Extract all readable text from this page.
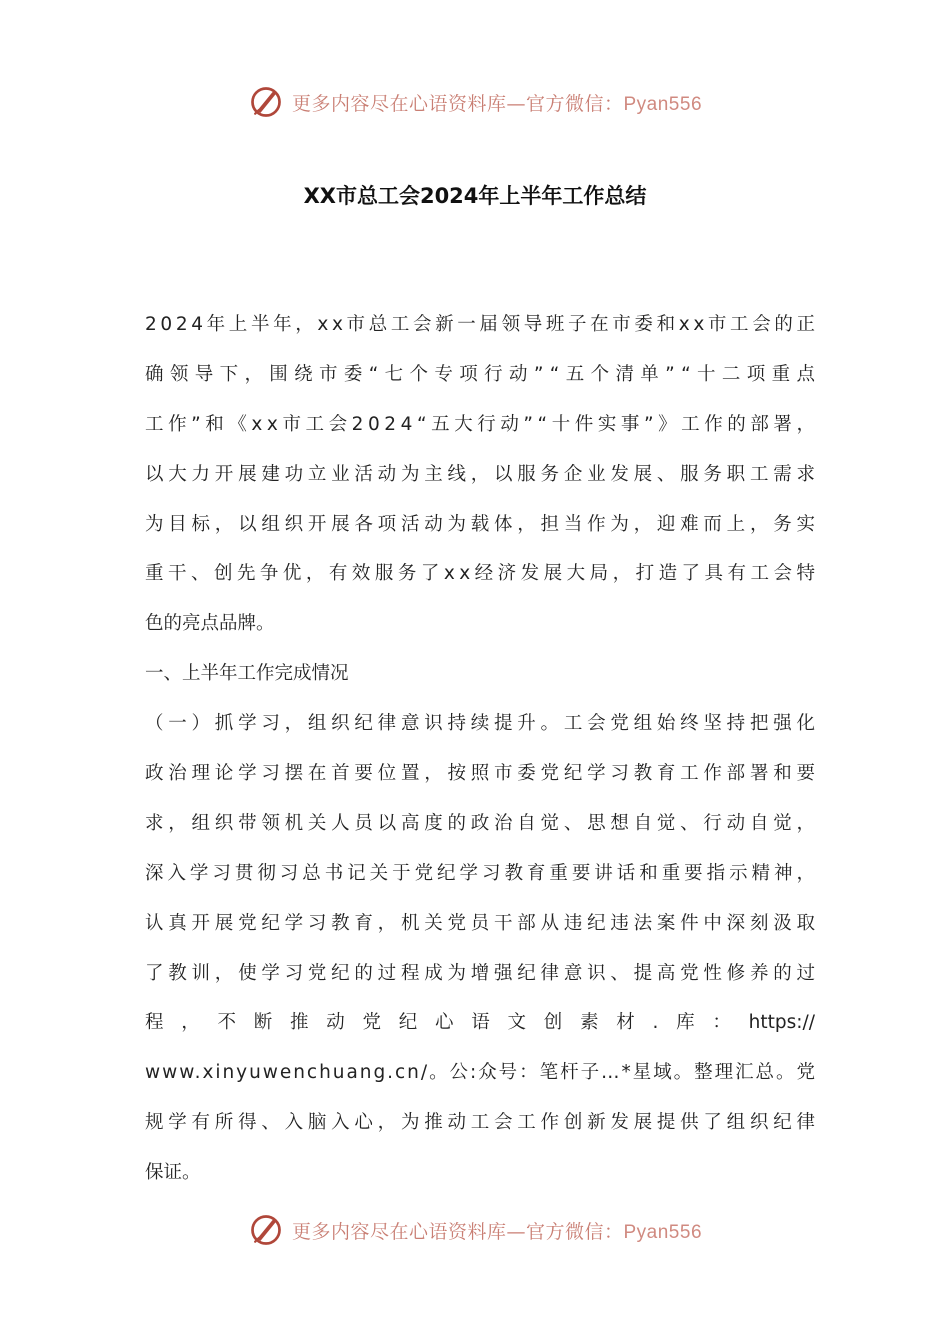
更多内容尽在心语资料库—官方微信：Pyan556
XX市总工会2024年上半年工作总结
2024年上半年，xx市总工会新一届领导班子在市委和xx市工会的正
确领导下，围绕市委“七个专项行动”“五个清单”“十二项重点
工作”和《xx市工会2024“五大行动”“十件实事”》工作的部署，
以大力开展建功立业活动为主线，以服务企业发展、服务职工需求
为目标，以组织开展各项活动为载体，担当作为，迎难而上，务实
重干、创先争优，有效服务了xx经济发展大局，打造了具有工会特
色的亮点品牌。
一、上半年工作完成情况
（一）抓学习，组织纪律意识持续提升。工会党组始终坚持把强化
政治理论学习摆在首要位置，按照市委党纪学习教育工作部署和要
求，组织带领机关人员以高度的政治自觉、思想自觉、行动自觉，
深入学习贯彻习总书记关于党纪学习教育重要讲话和重要指示精神，
认真开展党纪学习教育，机关党员干部从违纪违法案件中深刻汲取
了教训，使学习党纪的过程成为增强纪律意识、提高党性修养的过
程 ， 不 断 推 动 党 纪 心 语 文 创 素 材 . 库 ： https://
www.xinyuwenchuang.cn/。公:众号：笔杆子…*星域。整理汇总。党
规学有所得、入脑入心，为推动工会工作创新发展提供了组织纪律
保证。
更多内容尽在心语资料库—官方微信：Pyan556
